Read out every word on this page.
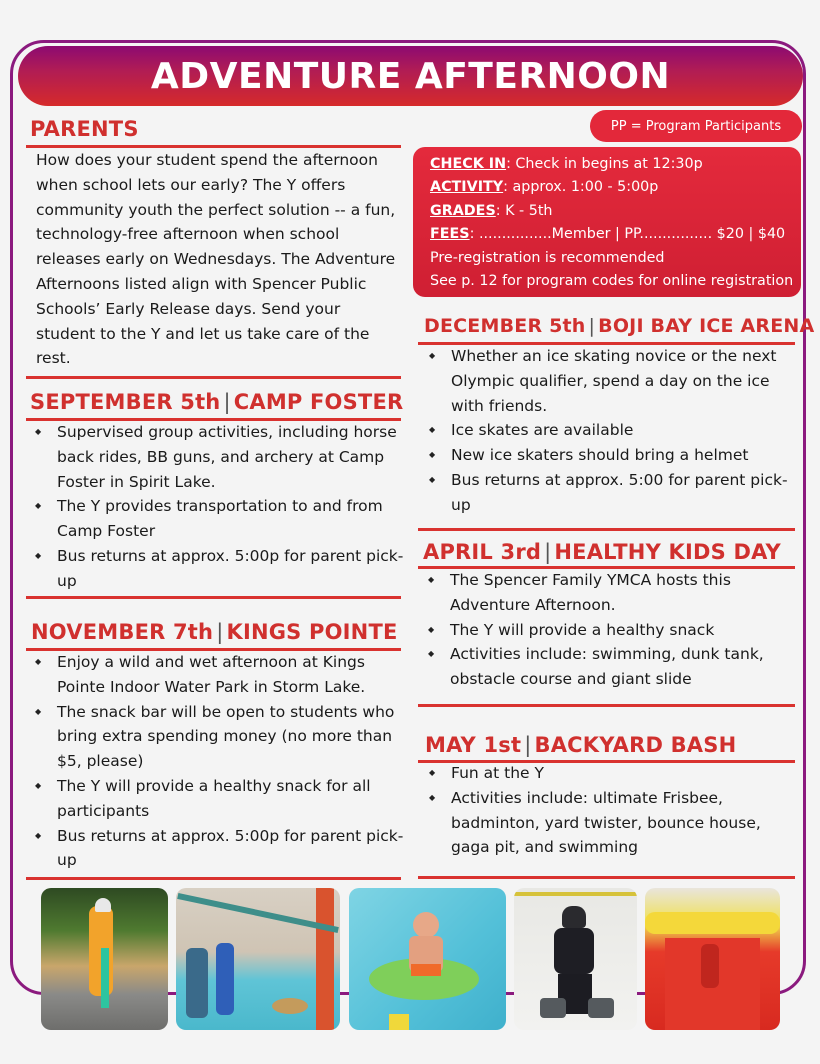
ADVENTURE AFTERNOON
PP = Program Participants
PARENTS

How does your student spend the afternoon when school lets our early? The Y offers community youth the perfect solution -- a fun, technology-free afternoon when school releases early on Wednesdays. The Adventure Afternoons listed align with Spencer Public Schools’ Early Release days. Send your student to the Y and let us take care of the rest.

CHECK IN: Check in begins at 12:30p
ACTIVITY: approx. 1:00 - 5:00p
GRADES: K - 5th
FEES: ................Member | PP................ $20 | $40
Pre-registration is recommended
See p. 12 for program codes for online registration
SEPTEMBER 5th | CAMP FOSTER
◆ Supervised group activities, including horse back rides, BB guns, and archery at Camp Foster in Spirit Lake.
◆ The Y provides transportation to and from Camp Foster
◆ Bus returns at approx. 5:00p for parent pick-up
NOVEMBER 7th | KINGS POINTE
◆ Enjoy a wild and wet afternoon at Kings Pointe Indoor Water Park in Storm Lake.
◆ The snack bar will be open to students who bring extra spending money (no more than $5, please)
◆ The Y will provide a healthy snack for all participants
◆ Bus returns at approx. 5:00p for parent pick-up
DECEMBER 5th | BOJI BAY ICE ARENA
◆ Whether an ice skating novice or the next Olympic qualifier, spend a day on the ice with friends.
◆ Ice skates are available
◆ New ice skaters should bring a helmet
◆ Bus returns at approx. 5:00 for parent pick-up
APRIL 3rd | HEALTHY KIDS DAY
◆ The Spencer Family YMCA hosts this Adventure Afternoon.
◆ The Y will provide a healthy snack
◆ Activities include: swimming, dunk tank, obstacle course and giant slide
MAY 1st | BACKYARD BASH
◆ Fun at the Y
◆ Activities include: ultimate Frisbee, badminton, yard twister, bounce house, gaga pit, and swimming
